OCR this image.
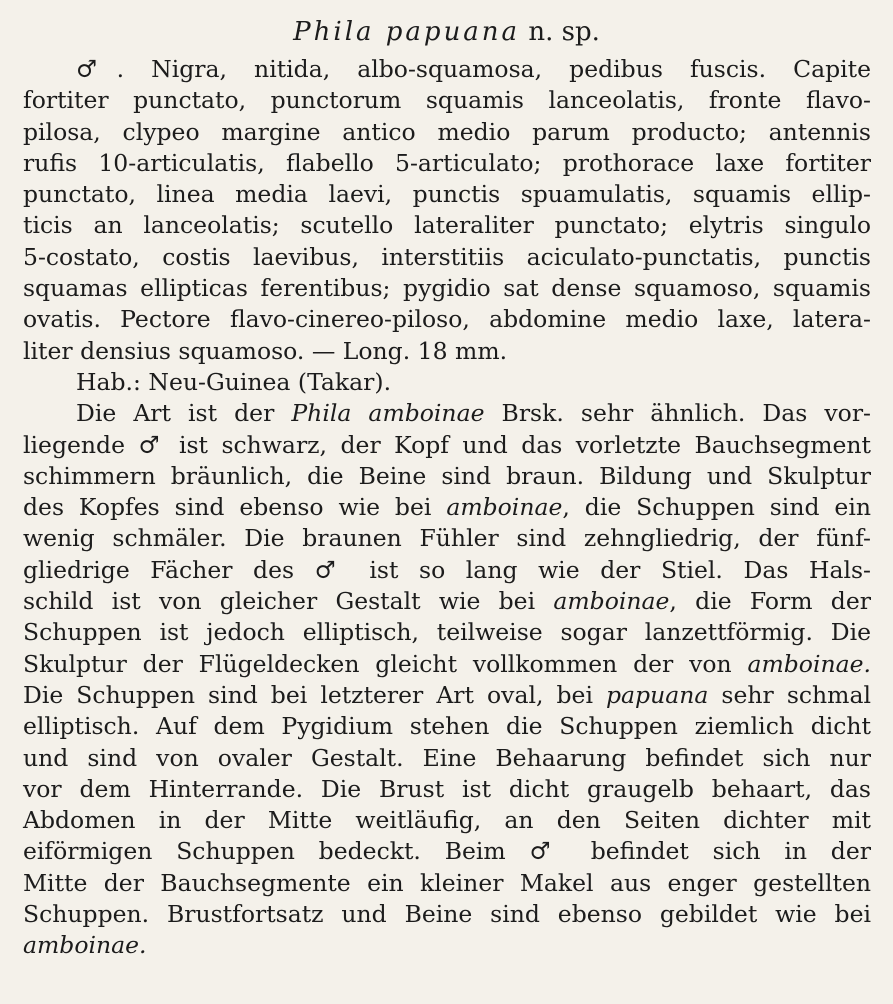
Phila papuana n. sp.
♂. Nigra, nitida, albo-squamosa, pedibus fuscis. Capite
fortiter punctato, punctorum squamis lanceolatis, fronte flavo-
pilosa, clypeo margine antico medio parum producto; antennis
rufis 10-articulatis, flabello 5-articulato; prothorace laxe fortiter
punctato, linea media laevi, punctis spuamulatis, squamis ellip-
ticis an lanceolatis; scutello lateraliter punctato; elytris singulo
5-costato, costis laevibus, interstitiis aciculato-punctatis, punctis
squamas ellipticas ferentibus; pygidio sat dense squamoso, squamis
ovatis. Pectore flavo-cinereo-piloso, abdomine medio laxe, latera-
liter densius squamoso. — Long. 18 mm.
Hab.: Neu-Guinea (Takar).
Die Art ist der Phila amboinae Brsk. sehr ähnlich. Das vor-
liegende ♂ ist schwarz, der Kopf und das vorletzte Bauchsegment
schimmern bräunlich, die Beine sind braun. Bildung und Skulptur
des Kopfes sind ebenso wie bei amboinae, die Schuppen sind ein
wenig schmäler. Die braunen Fühler sind zehngliedrig, der fünf-
gliedrige Fächer des ♂ ist so lang wie der Stiel. Das Hals-
schild ist von gleicher Gestalt wie bei amboinae, die Form der
Schuppen ist jedoch elliptisch, teilweise sogar lanzettförmig. Die
Skulptur der Flügeldecken gleicht vollkommen der von amboinae.
Die Schuppen sind bei letzterer Art oval, bei papuana sehr schmal
elliptisch. Auf dem Pygidium stehen die Schuppen ziemlich dicht
und sind von ovaler Gestalt. Eine Behaarung befindet sich nur
vor dem Hinterrande. Die Brust ist dicht graugelb behaart, das
Abdomen in der Mitte weitläufig, an den Seiten dichter mit
eiförmigen Schuppen bedeckt. Beim ♂ befindet sich in der
Mitte der Bauchsegmente ein kleiner Makel aus enger gestellten
Schuppen. Brustfortsatz und Beine sind ebenso gebildet wie bei
amboinae.
